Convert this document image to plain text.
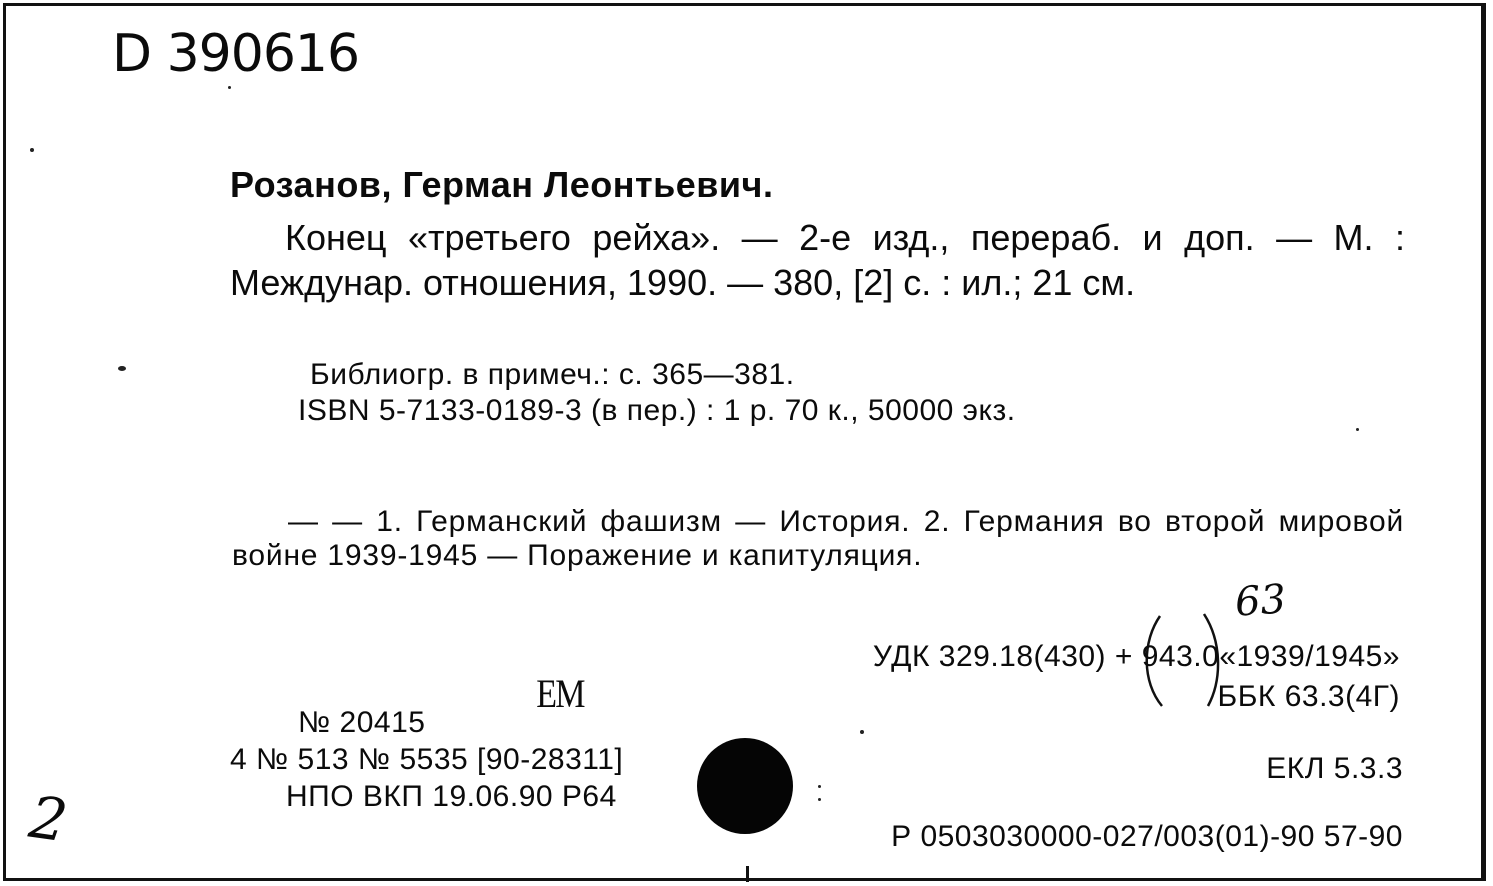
D 390616
Розанов, Герман Леонтьевич.
Конец «третьего рейха». — 2-е изд., перераб. и доп. — М. : Междунар. отношения, 1990. — 380, [2] с. : ил.; 21 см.
Библиогр. в примеч.: с. 365—381.
ISBN 5-7133-0189-3 (в пер.) : 1 р. 70 к., 50000 экз.
— — 1. Германский фашизм — История. 2. Германия во второй мировой войне 1939-1945 — Поражение и капитуляция.
63
УДК 329.18(430) + 943.0«1939/1945»
ББК 63.3(4Г)
ЕМ
№ 20415
4 № 513 № 5535 [90-28311]
НПО ВКП 19.06.90 Р64
ЕКЛ 5.3.3
Р 0503030000-027/003(01)-90 57-90
2
